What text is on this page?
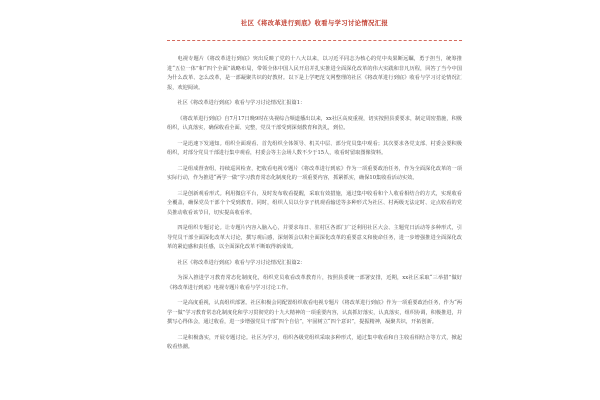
社区《将改革进行到底》收看与学习讨论情况汇报

电视专题片《将改革进行到底》突出反映了党的十八大以来，以习近平同志为核心的党中央果断远瞩，勇于担当，统筹推进“五位一体”和“四个全面”战略布局，带领全体中国人民开启并扎实推进全面深化改革的伟大实践和非凡历程，回答了当今中国为什么改革、怎么改革，是一部凝聚共识的好教材。以下是上学吧范文网整理的社区《将改革进行到底》收看与学习讨论情况汇报，欢迎阅读。

社区《将改革进行到底》收看与学习讨论情况汇报篇1：

《将改革进行到底》自7月17日晚9时在央视综合频道播出以来，xx社区高度重视，切实按照县委要求，制定周密措施，积极组织，认真落实，确保收看全面、完整，党员干部受到深刻教育和洗礼，到位。

一是迅速下发通知。组织全面观看、首先组织全体领导、机关中层、部分党员集中观看；其次要求各党支部、村委会要积极组织，对部分党员干部进行集中观看，村委会等主会场人数不少于15人，收看时留取图像资料。

二是组成督查组，持续巡回检查，把收看电视专题片《将改革进行到底》作为一项重要政治任务，作为全面深化改革的一项实际行动，作为推进“两学一做”学习教育常态化制度化的一项重要内容，抓紧抓实，确保10集收看活动实效。

三是创新观看形式。利用微信平台，及时发布收看提醒，采取有效措施，通过集中收看和个人收看相结合的方式，实现收看全覆盖，确保党员干部个个受到教育。同时，组织人员以分享子机观看输送等多种形式为社区、村两级无法定时、定点收看的党员推动收看该节目，切实提高收看率。

四是组织专题讨论。让专题片内容入脑入心，并要求每日、驻村区各部门广泛利用社区大会、主题党日活动等多种形式，引导党员干部全面深化改革大讨论，撰写观后感，深刻领会以积全面深化改革的重要意义和使命任务，进一步增强推进全面深化改革的紧迫感和责任感，以全面深化改革不断取得新成效。

社区《将改革进行到底》收看与学习讨论情况汇报篇2：

为深入推进学习教育常态化制度化，组织党员收看改革教育片，按照县委统一部署安排，近期，xx社区采取“三举措”做好《将改革进行到底》电视专题片收看与学习讨论工作。

一是高度重视，认真组织部署。社区积极会同配置组织收看电视专题片《将改革进行到底》作为一项重要政治任务，作为“两学一做”学习教育常态化制度化和学习贯彻党的十九大精神的一项重要内容，认真抓好落实，认真落实，组织协调，积极推进，并撰写心得体会，通过收看，进一步增强党员干部“四个自信”，牢固树立“四个意识”，提振精神，凝聚共识，开拓创新。

二是积极落实，开展专题讨论。社区为学习，组织各级党组织采取多种形式，通过集中收看和自主收看相结合等方式，掀起收看热潮。
